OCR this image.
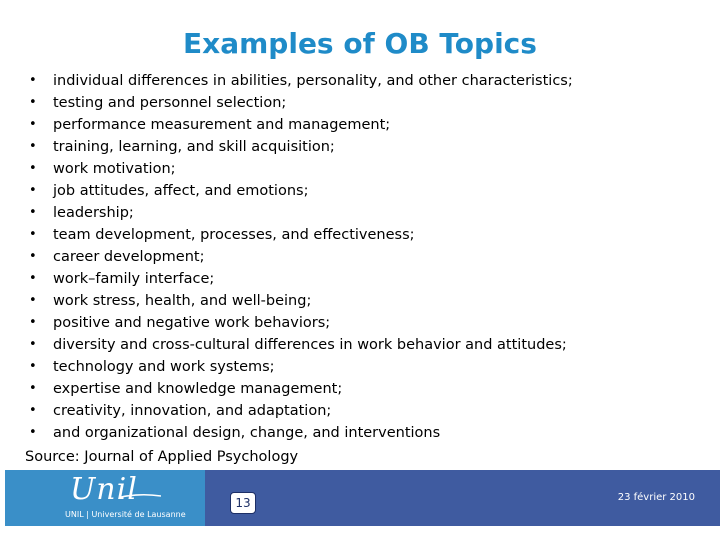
Examples of OB Topics
• individual differences in abilities, personality, and other characteristics;
• testing and personnel selection;
• performance measurement and management;
• training, learning, and skill acquisition;
• work motivation;
• job attitudes, affect, and emotions;
• leadership;
• team development, processes, and effectiveness;
• career development;
• work–family interface;
• work stress, health, and well-being;
• positive and negative work behaviors;
• diversity and cross-cultural differences in work behavior and attitudes;
• technology and work systems;
• expertise and knowledge management;
• creativity, innovation, and adaptation;
• and organizational design, change, and interventions
Source: Journal of Applied Psychology
Unil
UNIL | Université de Lausanne
13	23 février 2010
